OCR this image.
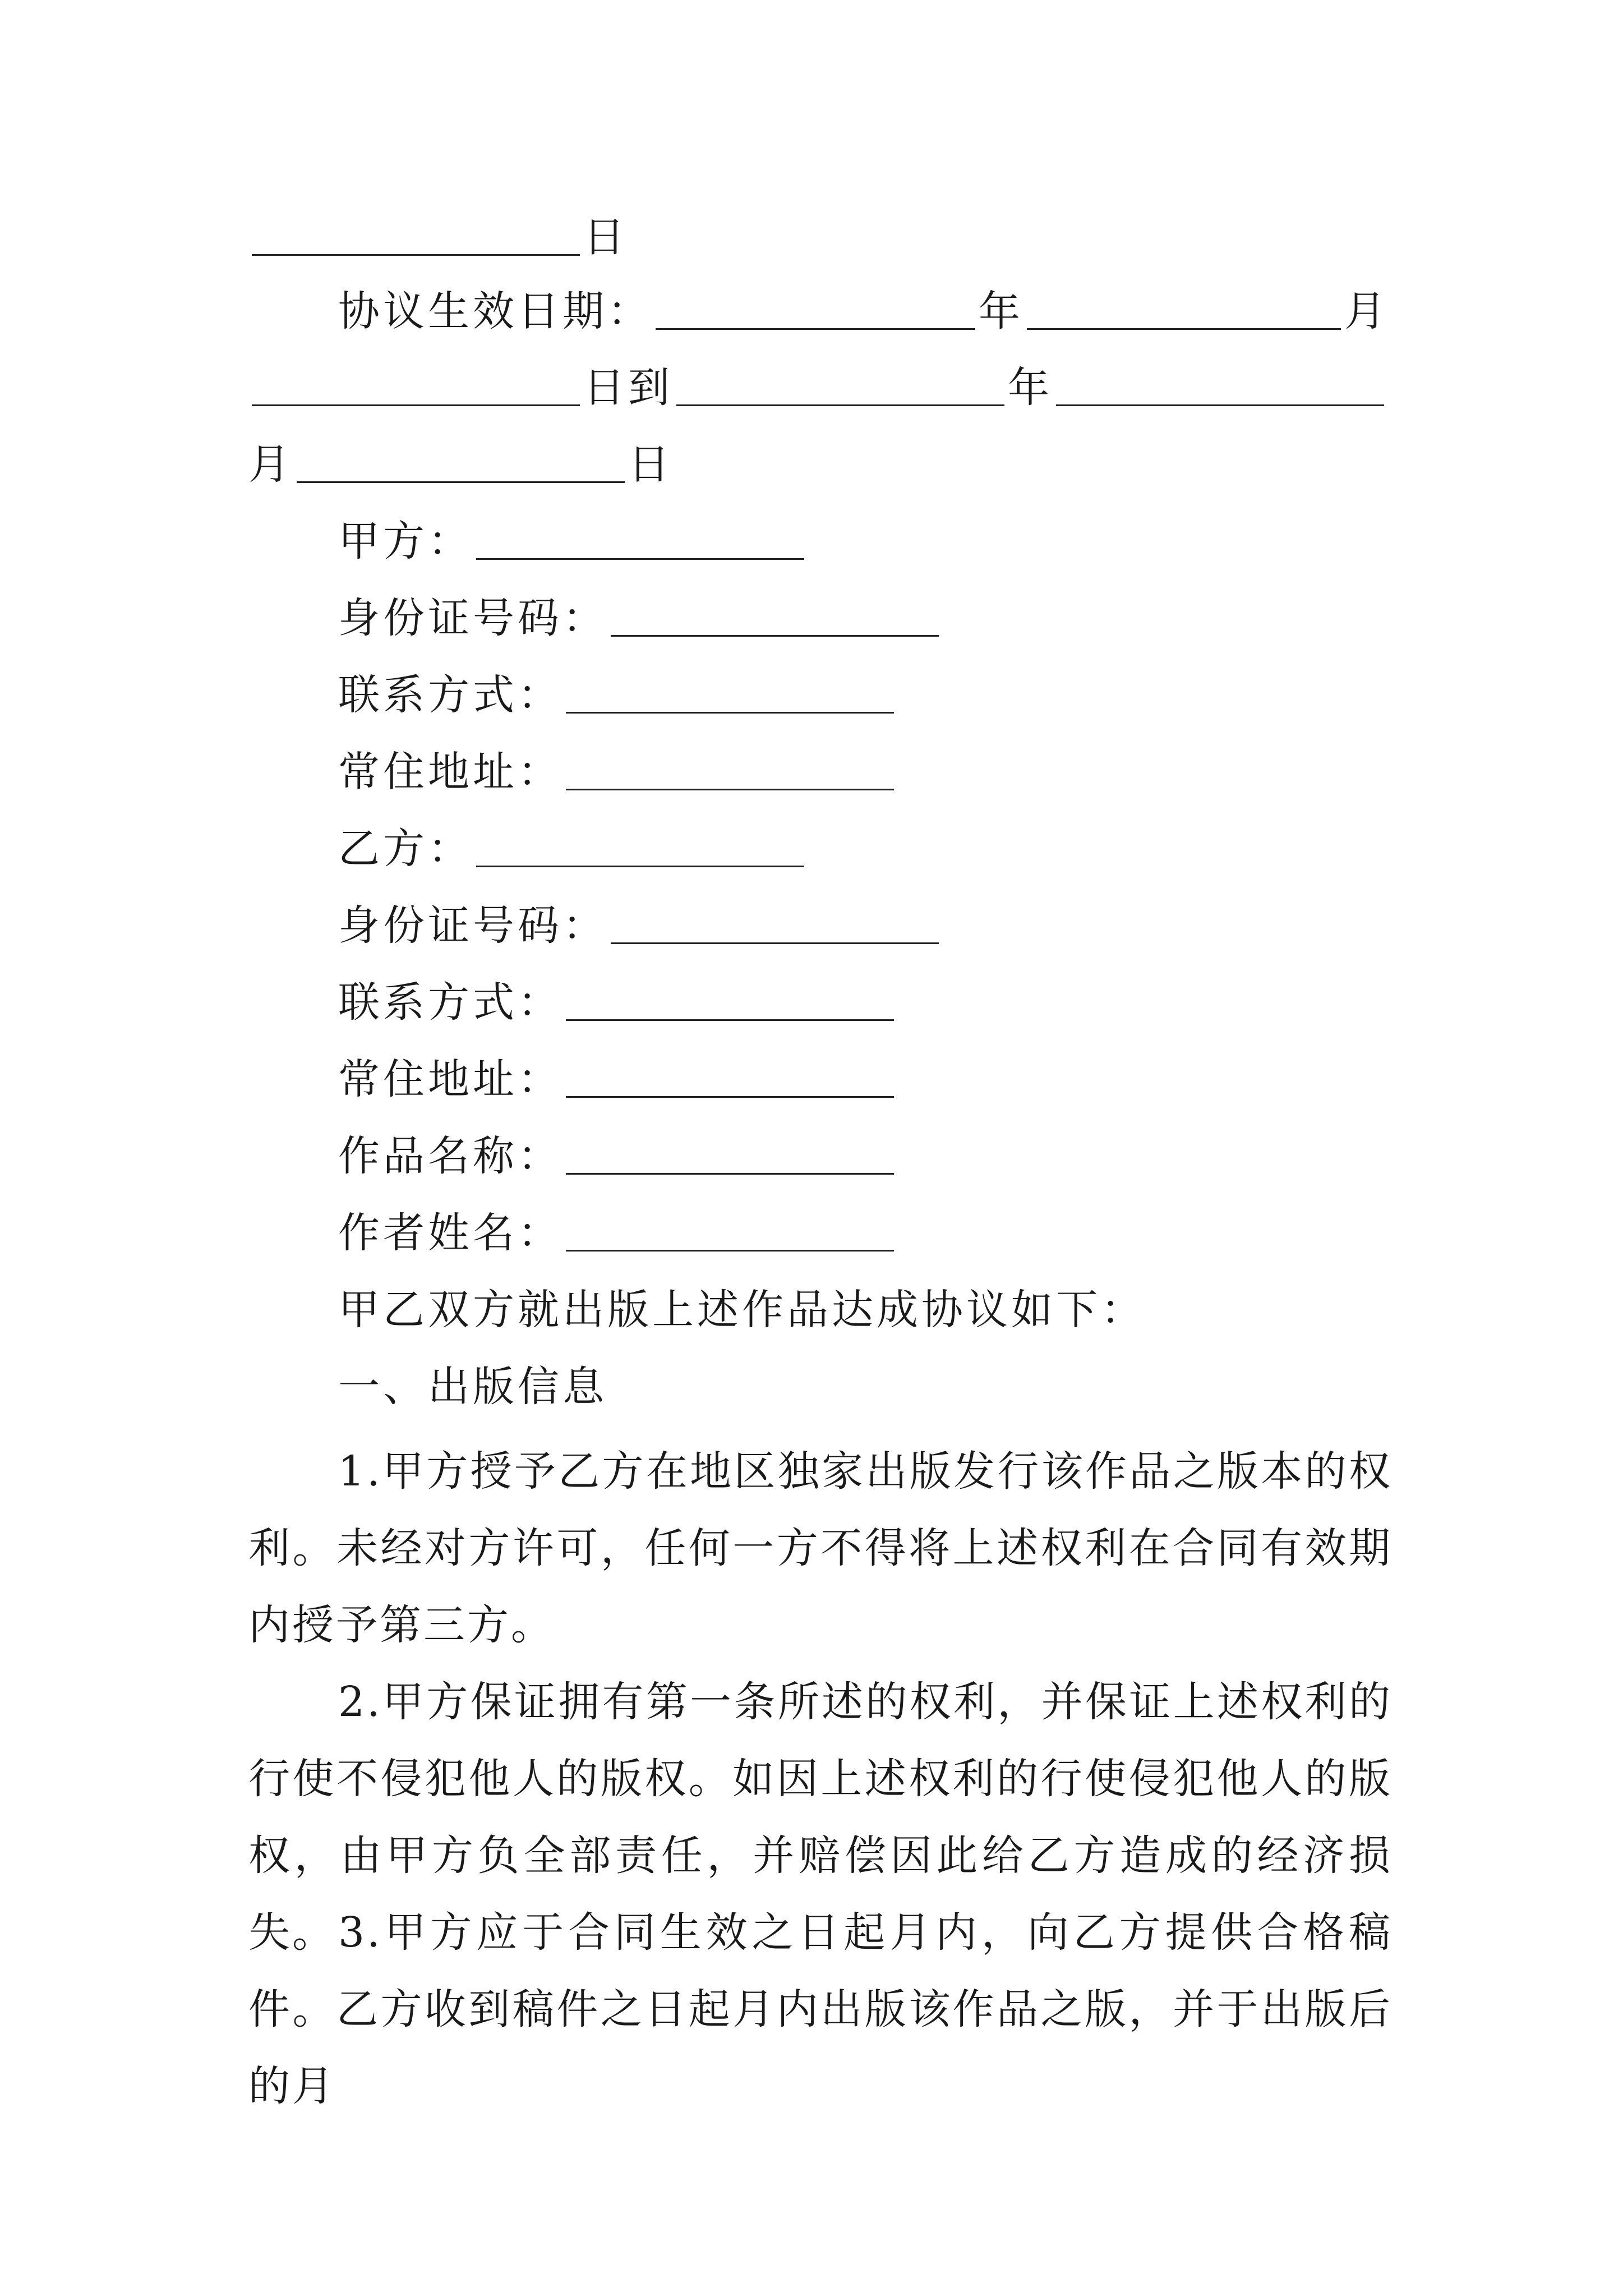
日
协议生效日期：	年	月
日到	年
月	日
甲方：
身份证号码：
联系方式：
常住地址：
乙方：
身份证号码：
联系方式：
常住地址：
作品名称：
作者姓名：
甲乙双方就出版上述作品达成协议如下：
一、出版信息
1.甲方授予乙方在地区独家出版发行该作品之版本的权利。未经对方许可，任何一方不得将上述权利在合同有效期内授予第三方。
2.甲方保证拥有第一条所述的权利，并保证上述权利的行使不侵犯他人的版权。如因上述权利的行使侵犯他人的版权，由甲方负全部责任，并赔偿因此给乙方造成的经济损失。 3.甲方应于合同生效之日起月内，向乙方提供合格稿件。乙方收到稿件之日起月内出版该作品之版，并于出版后的月
